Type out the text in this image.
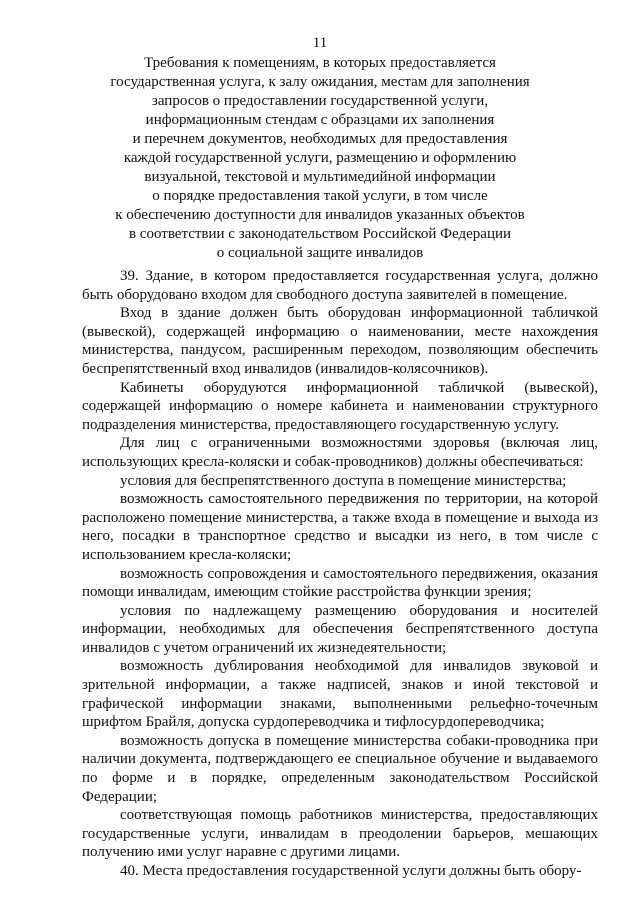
11
Требования к помещениям, в которых предоставляется
государственная услуга, к залу ожидания, местам для заполнения
запросов о предоставлении государственной услуги,
информационным стендам с образцами их заполнения
и перечнем документов, необходимых для предоставления
каждой государственной услуги, размещению и оформлению
визуальной, текстовой и мультимедийной информации
о порядке предоставления такой услуги, в том числе
к обеспечению доступности для инвалидов указанных объектов
в соответствии с законодательством Российской Федерации
о социальной защите инвалидов

39. Здание, в котором предоставляется государственная услуга, должно быть оборудовано входом для свободного доступа заявителей в помещение.

Вход в здание должен быть оборудован информационной табличкой (вывеской), содержащей информацию о наименовании, месте нахождения министерства, пандусом, расширенным переходом, позволяющим обеспечить беспрепятственный вход инвалидов (инвалидов-колясочников).

Кабинеты оборудуются информационной табличкой (вывеской), содержащей информацию о номере кабинета и наименовании структурного подразделения министерства, предоставляющего государственную услугу.

Для лиц с ограниченными возможностями здоровья (включая лиц, использующих кресла-коляски и собак-проводников) должны обеспечиваться:

условия для беспрепятственного доступа в помещение министерства;

возможность самостоятельного передвижения по территории, на которой расположено помещение министерства, а также входа в помещение и выхода из него, посадки в транспортное средство и высадки из него, в том числе с использованием кресла-коляски;

возможность сопровождения и самостоятельного передвижения, оказания помощи инвалидам, имеющим стойкие расстройства функции зрения;

условия по надлежащему размещению оборудования и носителей информации, необходимых для обеспечения беспрепятственного доступа инвалидов с учетом ограничений их жизнедеятельности;

возможность дублирования необходимой для инвалидов звуковой и зрительной информации, а также надписей, знаков и иной текстовой и графической информации знаками, выполненными рельефно-точечным шрифтом Брайля, допуска сурдопереводчика и тифлосурдопереводчика;

возможность допуска в помещение министерства собаки-проводника при наличии документа, подтверждающего ее специальное обучение и выдаваемого по форме и в порядке, определенным законодательством Российской Федерации;

соответствующая помощь работников министерства, предоставляющих государственные услуги, инвалидам в преодолении барьеров, мешающих получению ими услуг наравне с другими лицами.

40. Места предоставления государственной услуги должны быть обору-
